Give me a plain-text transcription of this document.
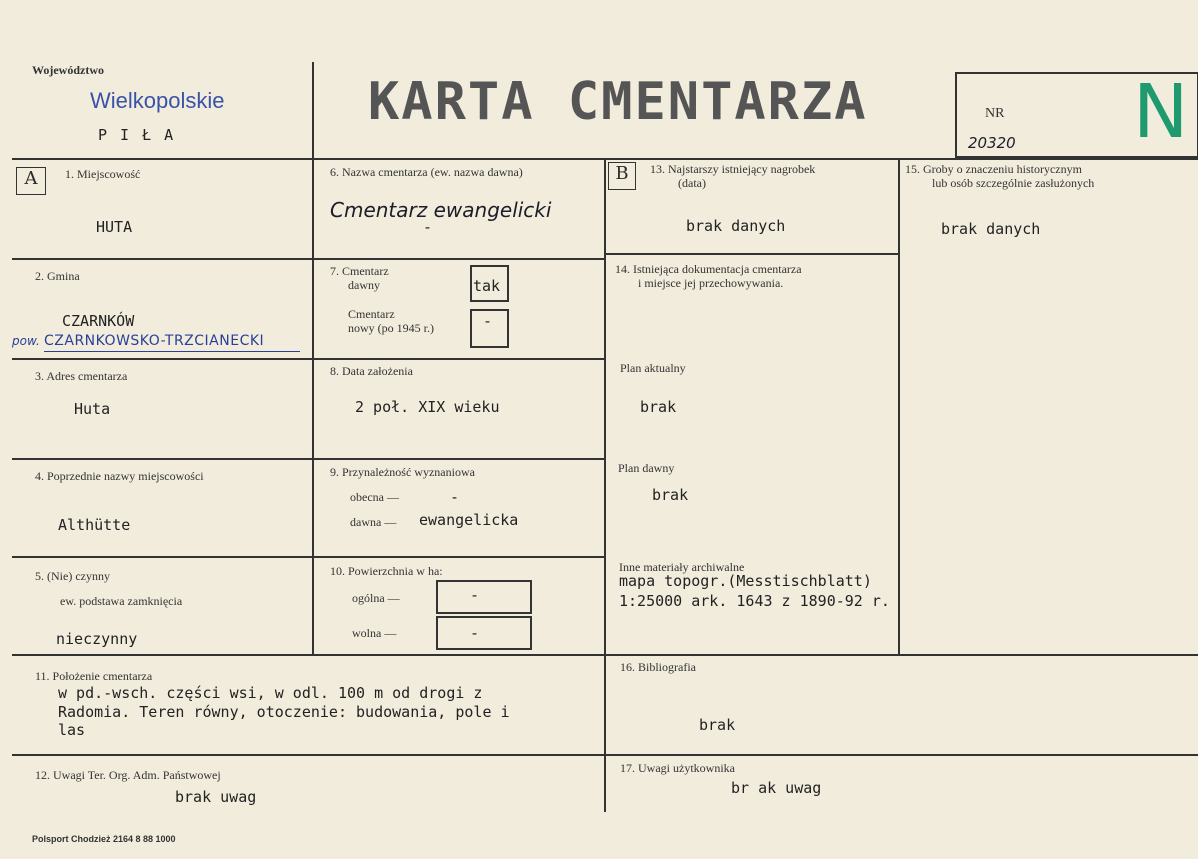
Województwo
Wielkopolskie
P I Ł A
KARTA CMENTARZA	NR
20320 N
A	1. Miejscowość
HUTA
2. Gmina
CZARNKÓW
pow. CZARNKOWSKO-TRZCIANECKI
3. Adres cmentarza
Huta
4. Poprzednie nazwy miejscowości
Althütte
5. (Nie) czynny
ew. podstawa zamknięcia
nieczynny
6. Nazwa cmentarza (ew. nazwa dawna)
Cmentarz ewangelicki
-
7. Cmentarz
dawny	tak
Cmentarz
nowy (po 1945 r.)	-
8. Data założenia
2 poł. XIX wieku
9. Przynależność wyznaniowa
obecna —	-
dawna — ewangelicka
10. Powierzchnia w ha:
ogólna —	-
wolna —	-
B	13. Najstarszy istniejący nagrobek
(data)
brak danych
14. Istniejąca dokumentacja cmentarza
i miejsce jej przechowywania.
Plan aktualny
brak
Plan dawny
brak
Inne materiały archiwalne
mapa topogr.(Messtischblatt)
1:25000 ark. 1643 z 1890-92 r.
15. Groby o znaczeniu historycznym
lub osób szczególnie zasłużonych
brak danych
11. Położenie cmentarza
w pd.-wsch. części wsi, w odl. 100 m od drogi z
Radomia. Teren równy, otoczenie: budowania, pole i
las
16. Bibliografia
brak
12. Uwagi Ter. Org. Adm. Państwowej
brak uwag
17. Uwagi użytkownika
br ak uwag
Polsport Chodzież 2164 8 88 1000
